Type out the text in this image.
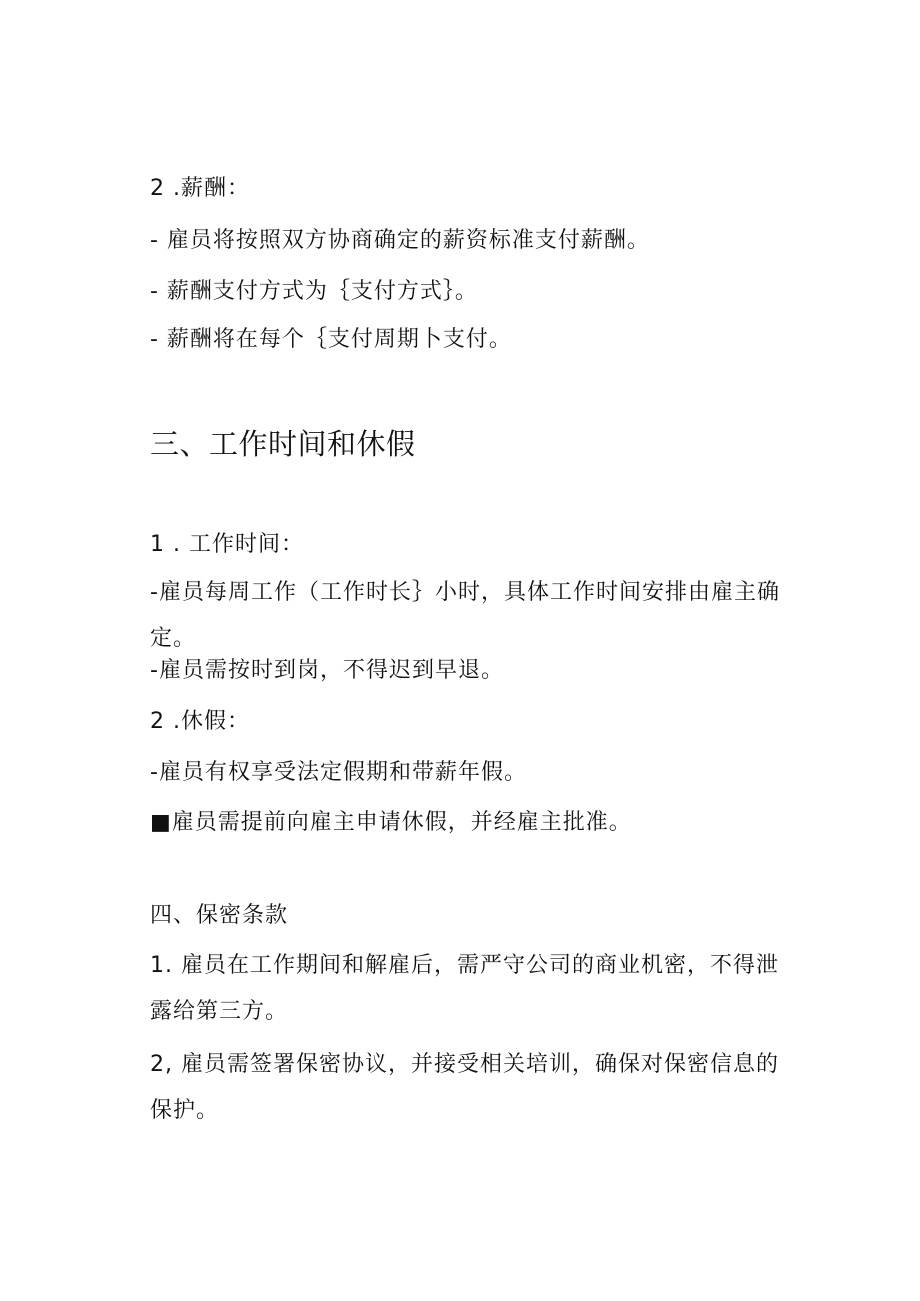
2 .薪酬：
- 雇员将按照双方协商确定的薪资标准支付薪酬。
- 薪酬支付方式为｛支付方式｝。
- 薪酬将在每个｛支付周期卜支付。
三、工作时间和休假
1 . 工作时间：
-雇员每周工作（工作时长｝小时，具体工作时间安排由雇主确定。
-雇员需按时到岗，不得迟到早退。
2 .休假：
-雇员有权享受法定假期和带薪年假。
■雇员需提前向雇主申请休假，并经雇主批准。
四、保密条款
1. 雇员在工作期间和解雇后，需严守公司的商业机密，不得泄露给第三方。
2, 雇员需签署保密协议，并接受相关培训，确保对保密信息的保护。
